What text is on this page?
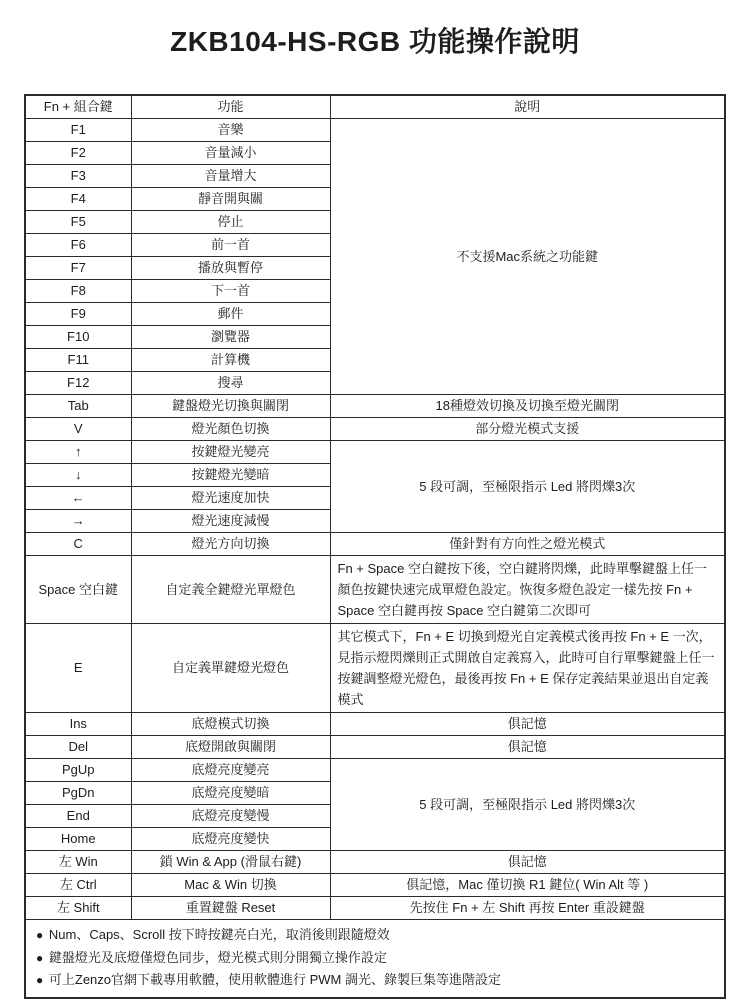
ZKB104-HS-RGB 功能操作說明
Fn + 組合鍵	功能	說明
F1	音樂	不支援Mac系統之功能鍵
F2	音量減小	
F3	音量增大	
F4	靜音開與關	
F5	停止	
F6	前一首	
F7	播放與暫停	
F8	下一首	
F9	郵件	
F10	瀏覽器	
F11	計算機	
F12	搜尋	
Tab	鍵盤燈光切換與關閉	18種燈效切換及切換至燈光關閉
V	燈光顏色切換	部分燈光模式支援
↑	按鍵燈光變亮	5 段可調，至極限指示 Led 將閃爍3次
↓	按鍵燈光變暗	
←	燈光速度加快	
→	燈光速度減慢	
C	燈光方向切換	僅針對有方向性之燈光模式
Space 空白鍵	自定義全鍵燈光單燈色	Fn + Space 空白鍵按下後，空白鍵將閃爍，此時單擊鍵盤上任一顏色按鍵快速完成單燈色設定。恢復多燈色設定一樣先按 Fn + Space 空白鍵再按 Space 空白鍵第二次即可
E	自定義單鍵燈光燈色	其它模式下，Fn + E 切換到燈光自定義模式後再按 Fn + E 一次，見指示燈閃爍則正式開啟自定義寫入，此時可自行單擊鍵盤上任一按鍵調整燈光燈色，最後再按 Fn + E 保存定義結果並退出自定義模式
Ins	底燈模式切換	俱記憶
Del	底燈開啟與關閉	俱記憶
PgUp	底燈亮度變亮	5 段可調，至極限指示 Led 將閃爍3次
PgDn	底燈亮度變暗	
End	底燈亮度變慢	
Home	底燈亮度變快	
左 Win	鎖 Win & App (滑鼠右鍵)	俱記憶
左 Ctrl	Mac & Win 切換	俱記憶，Mac 僅切換 R1 鍵位( Win Alt 等 )
左 Shift	重置鍵盤 Reset	先按住 Fn + 左 Shift 再按 Enter 重設鍵盤

● Num、Caps、Scroll 按下時按鍵亮白光，取消後則跟隨燈效
● 鍵盤燈光及底燈僅燈色同步，燈光模式則分開獨立操作設定
● 可上Zenzo官網下載專用軟體，使用軟體進行 PWM 調光、錄製巨集等進階設定		
